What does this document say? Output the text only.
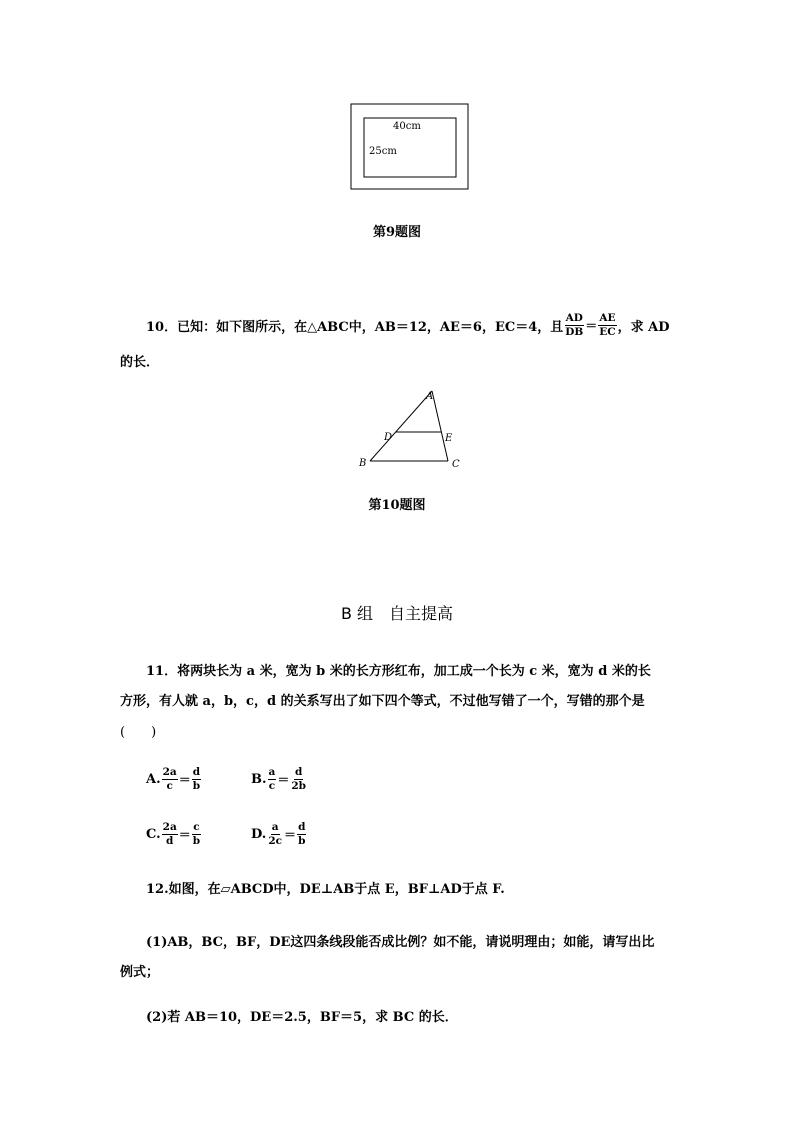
40cm
25cm
第9题图
10．已知：如下图所示，在△ABC中，AB＝12，AE＝6，EC＝4，且 $\frac{AD}{DB} = \frac{AE}{EC}$ ，求 AD
的长．
A
D	E
B	C
第10题图
B 组　自主提高
11．将两块长为 a 米，宽为 b 米的长方形红布，加工成一个长为 c 米，宽为 d 米的长
方形，有人就 a，b，c，d 的关系写出了如下四个等式，不过他写错了一个，写错的那个是
(　　)
A. $\frac{2a}{c} = \frac{d}{b}$	B. $\frac{a}{c} = \frac{d}{2b}$
C. $\frac{2a}{d} = \frac{c}{b}$	D. $\frac{a}{2c} = \frac{d}{b}$
12.如图，在▱ABCD中，DE⊥AB于点 E，BF⊥AD于点 F.
(1)AB，BC，BF，DE这四条线段能否成比例？如不能，请说明理由；如能，请写出比
例式；
(2)若 AB＝10，DE＝2.5，BF＝5，求 BC 的长．
